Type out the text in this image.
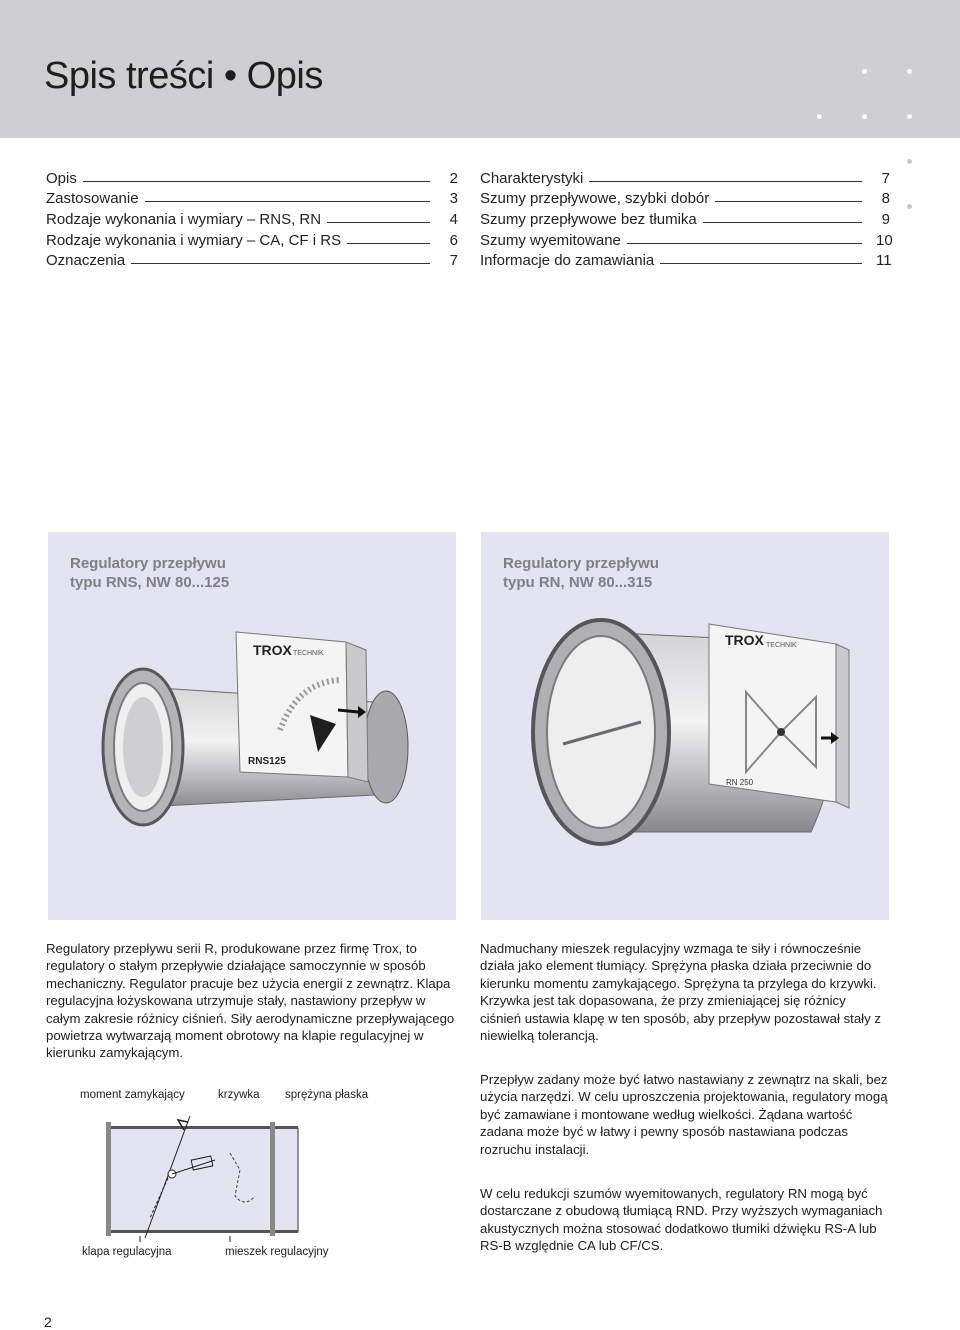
Spis treści • Opis
Opis	2
Zastosowanie	3
Rodzaje wykonania i wymiary – RNS, RN	4
Rodzaje wykonania i wymiary – CA, CF i RS	6
Oznaczenia	7
Charakterystyki	7
Szumy przepływowe, szybki dobór	8
Szumy przepływowe bez tłumika	9
Szumy wyemitowane	10
Informacje do zamawiania	11
TROX TECHNIK
RNS125
Regulatory przepływu
typu RNS, NW 80...125
TROX TECHNIK
RN 250
Regulatory przepływu
typu RN, NW 80...315

Regulatory przepływu serii R, produkowane przez firmę Trox, to regulatory o stałym przepływie działające samoczynnie w sposób mechaniczny. Regulator pracuje bez użycia energii z zewnątrz. Klapa regulacyjna łożyskowana utrzymuje stały, nastawiony przepływ w całym zakresie różnicy ciśnień. Siły aerodynamiczne przepływającego powietrza wytwarzają moment obrotowy na klapie regulacyjnej w kierunku zamykającym.

Nadmuchany mieszek regulacyjny wzmaga te siły i równocześnie działa jako element tłumiący. Sprężyna płaska działa przeciwnie do kierunku momentu zamykającego. Sprężyna ta przylega do krzywki. Krzywka jest tak dopasowana, że przy zmieniającej się różnicy ciśnień ustawia klapę w ten sposób, aby przepływ pozostawał stały z niewielką tolerancją.

Przepływ zadany może być łatwo nastawiany z zewnątrz na skali, bez użycia narzędzi. W celu uproszczenia projektowania, regulatory mogą być zamawiane i montowane według wielkości. Żądana wartość zadana może być w łatwy i pewny sposób nastawiana podczas rozruchu instalacji.

W celu redukcji szumów wyemitowanych, regulatory RN mogą być dostarczane z obudową tłumiącą RND. Przy wyższych wymaganiach akustycznych można stosować dodatkowo tłumiki dźwięku RS-A lub RS-B względnie CA lub CF/CS.

moment zamykający	krzywka sprężyna płaska
klapa regulacyjna	mieszek regulacyjny
2
